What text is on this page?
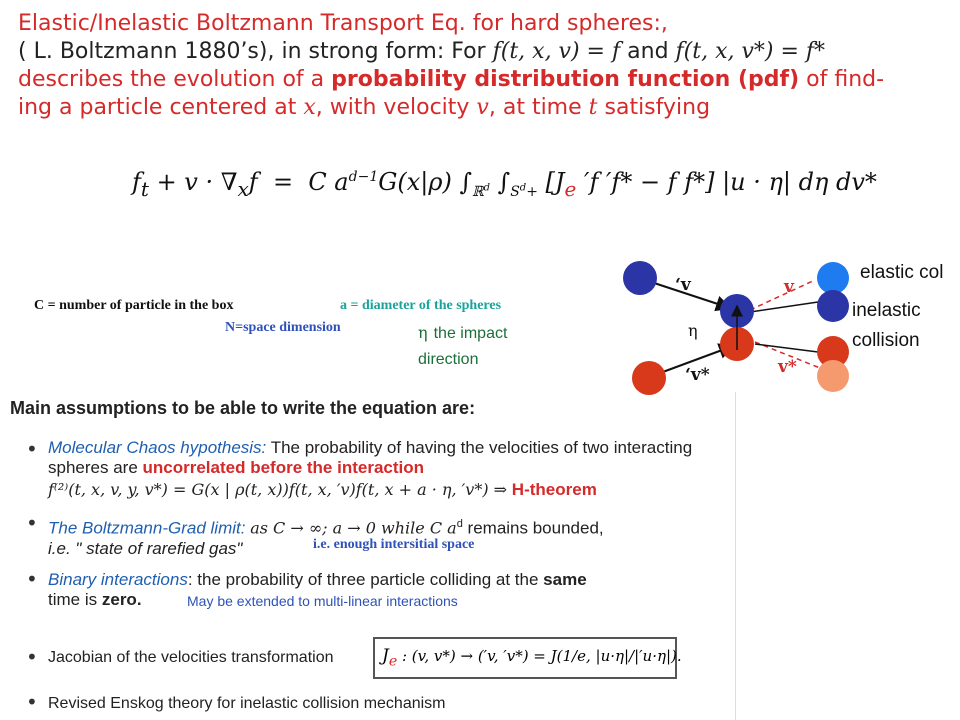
Elastic/Inelastic Boltzmann Transport Eq. for hard spheres:,
( L. Boltzmann 1880’s), in strong form: For f(t, x, v) = f and f(t, x, v*) = f*
describes the evolution of a probability distribution function (pdf) of find-
ing a particle centered at x, with velocity v, at time t satisfying
$f_t + v \cdot \nabla_xf = C$ $a^{d-1}G(x|\rho)$ $\int_{ℝ^d}$ $\int_{S^d+}$ [$J_e$ ′f ′f* − f f*] |u · η| dη dv*
C = number of particle in the box	a = diameter of the spheres
N=space dimension	η the impact direction
‘v
‘v*
v
v*
η
elastic col
inelastic collision
Main assumptions to be able to write the equation are:
• Molecular Chaos hypothesis: The probability of having the velocities of two interacting spheres are uncorrelated before the interaction
f⁽²⁾(t, x, v, y, v*) = G(x | ρ(t, x))f(t, x, ′v)f(t, x + a · η, ′v*) ⇒ H-theorem
• The Boltzmann-Grad limit: as C → ∞; a → 0 while C $a^d$ remains bounded,
i.e. " state of rarefied gas"	i.e. enough intersitial space
• Binary interactions: the probability of three particle colliding at the same
time is zero.	May be extended to multi-linear interactions
• Jacobian of the velocities transformation	$J_e$ : (v, v*) → (′v, ′v*) = J(1/e, |u·η|/|′u·η|).
• Revised Enskog theory for inelastic collision mechanism
